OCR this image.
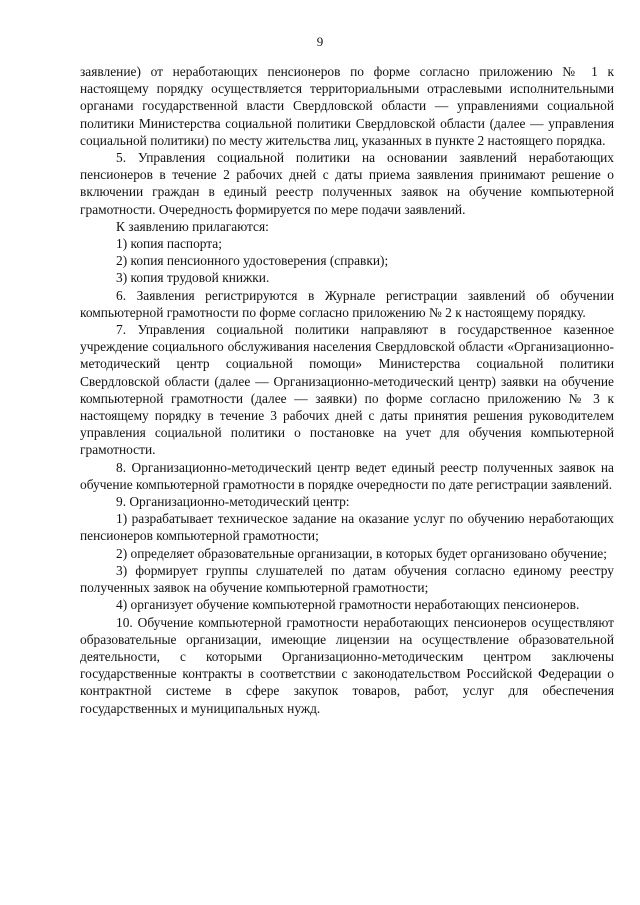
9

заявление) от неработающих пенсионеров по форме согласно приложению № 1 к настоящему порядку осуществляется территориальными отраслевыми исполнительными органами государственной власти Свердловской области — управлениями социальной политики Министерства социальной политики Свердловской области (далее — управления социальной политики) по месту жительства лиц, указанных в пункте 2 настоящего порядка.

5. Управления социальной политики на основании заявлений неработающих пенсионеров в течение 2 рабочих дней с даты приема заявления принимают решение о включении граждан в единый реестр полученных заявок на обучение компьютерной грамотности. Очередность формируется по мере подачи заявлений.

К заявлению прилагаются:

1) копия паспорта;

2) копия пенсионного удостоверения (справки);

3) копия трудовой книжки.

6. Заявления регистрируются в Журнале регистрации заявлений об обучении компьютерной грамотности по форме согласно приложению № 2 к настоящему порядку.

7. Управления социальной политики направляют в государственное казенное учреждение социального обслуживания населения Свердловской области «Организационно-методический центр социальной помощи» Министерства социальной политики Свердловской области (далее — Организационно-методический центр) заявки на обучение компьютерной грамотности (далее — заявки) по форме согласно приложению № 3 к настоящему порядку в течение 3 рабочих дней с даты принятия решения руководителем управления социальной политики о постановке на учет для обучения компьютерной грамотности.

8. Организационно-методический центр ведет единый реестр полученных заявок на обучение компьютерной грамотности в порядке очередности по дате регистрации заявлений.

9. Организационно-методический центр:

1) разрабатывает техническое задание на оказание услуг по обучению неработающих пенсионеров компьютерной грамотности;

2) определяет образовательные организации, в которых будет организовано обучение;

3) формирует группы слушателей по датам обучения согласно единому реестру полученных заявок на обучение компьютерной грамотности;

4) организует обучение компьютерной грамотности неработающих пенсионеров.

10. Обучение компьютерной грамотности неработающих пенсионеров осуществляют образовательные организации, имеющие лицензии на осуществление образовательной деятельности, с которыми Организационно-методическим центром заключены государственные контракты в соответствии с законодательством Российской Федерации о контрактной системе в сфере закупок товаров, работ, услуг для обеспечения государственных и муниципальных нужд.
